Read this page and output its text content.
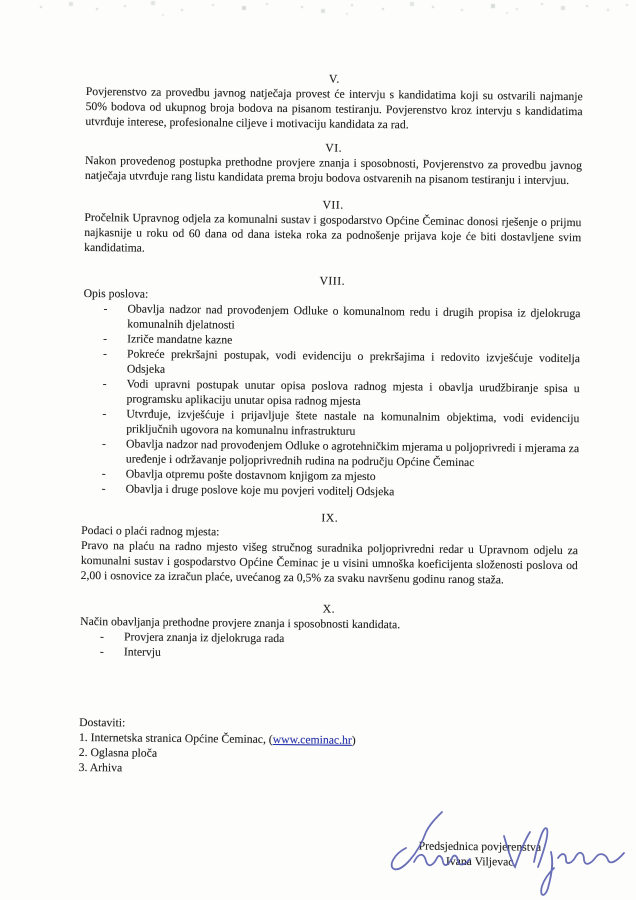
V.

Povjerenstvo za provedbu javnog natječaja provest će intervju s kandidatima koji su ostvarili najmanje 50% bodova od ukupnog broja bodova na pisanom testiranju. Povjerenstvo kroz intervju s kandidatima utvrđuje interese, profesionalne ciljeve i motivaciju kandidata za rad.

VI.

Nakon provedenog postupka prethodne provjere znanja i sposobnosti, Povjerenstvo za provedbu javnog natječaja utvrđuje rang listu kandidata prema broju bodova ostvarenih na pisanom testiranju i intervjuu.

VII.

Pročelnik Upravnog odjela za komunalni sustav i gospodarstvo Općine Čeminac donosi rješenje o prijmu najkasnije u roku od 60 dana od dana isteka roka za podnošenje prijava koje će biti dostavljene svim kandidatima.

VIII.

Opis poslova:

- Obavlja nadzor nad provođenjem Odluke o komunalnom redu i drugih propisa iz djelokruga komunalnih djelatnosti
- Izriče mandatne kazne
- Pokreće prekršajni postupak, vodi evidenciju o prekršajima i redovito izvješćuje voditelja Odsjeka
- Vodi upravni postupak unutar opisa poslova radnog mjesta i obavlja urudžbiranje spisa u programsku aplikaciju unutar opisa radnog mjesta
- Utvrđuje, izvješćuje i prijavljuje štete nastale na komunalnim objektima, vodi evidenciju priključnih ugovora na komunalnu infrastrukturu
- Obavlja nadzor nad provođenjem Odluke o agrotehničkim mjerama u poljoprivredi i mjerama za uređenje i održavanje poljoprivrednih rudina na području Općine Čeminac
- Obavlja otpremu pošte dostavnom knjigom za mjesto
- Obavlja i druge poslove koje mu povjeri voditelj Odsjeka
IX.

Podaci o plaći radnog mjesta:

Pravo na plaću na radno mjesto višeg stručnog suradnika poljoprivredni redar u Upravnom odjelu za komunalni sustav i gospodarstvo Općine Čeminac je u visini umnoška koeficijenta složenosti poslova od 2,00 i osnovice za izračun plaće, uvećanog za 0,5% za svaku navršenu godinu ranog staža.

X.

Način obavljanja prethodne provjere znanja i sposobnosti kandidata.

- Provjera znanja iz djelokruga rada
- Intervju

Dostaviti:

1. Internetska stranica Općine Čeminac, (www.ceminac.hr)

2. Oglasna ploča

3. Arhiva

Predsjednica povjerenstva
Ivana Viljevac
